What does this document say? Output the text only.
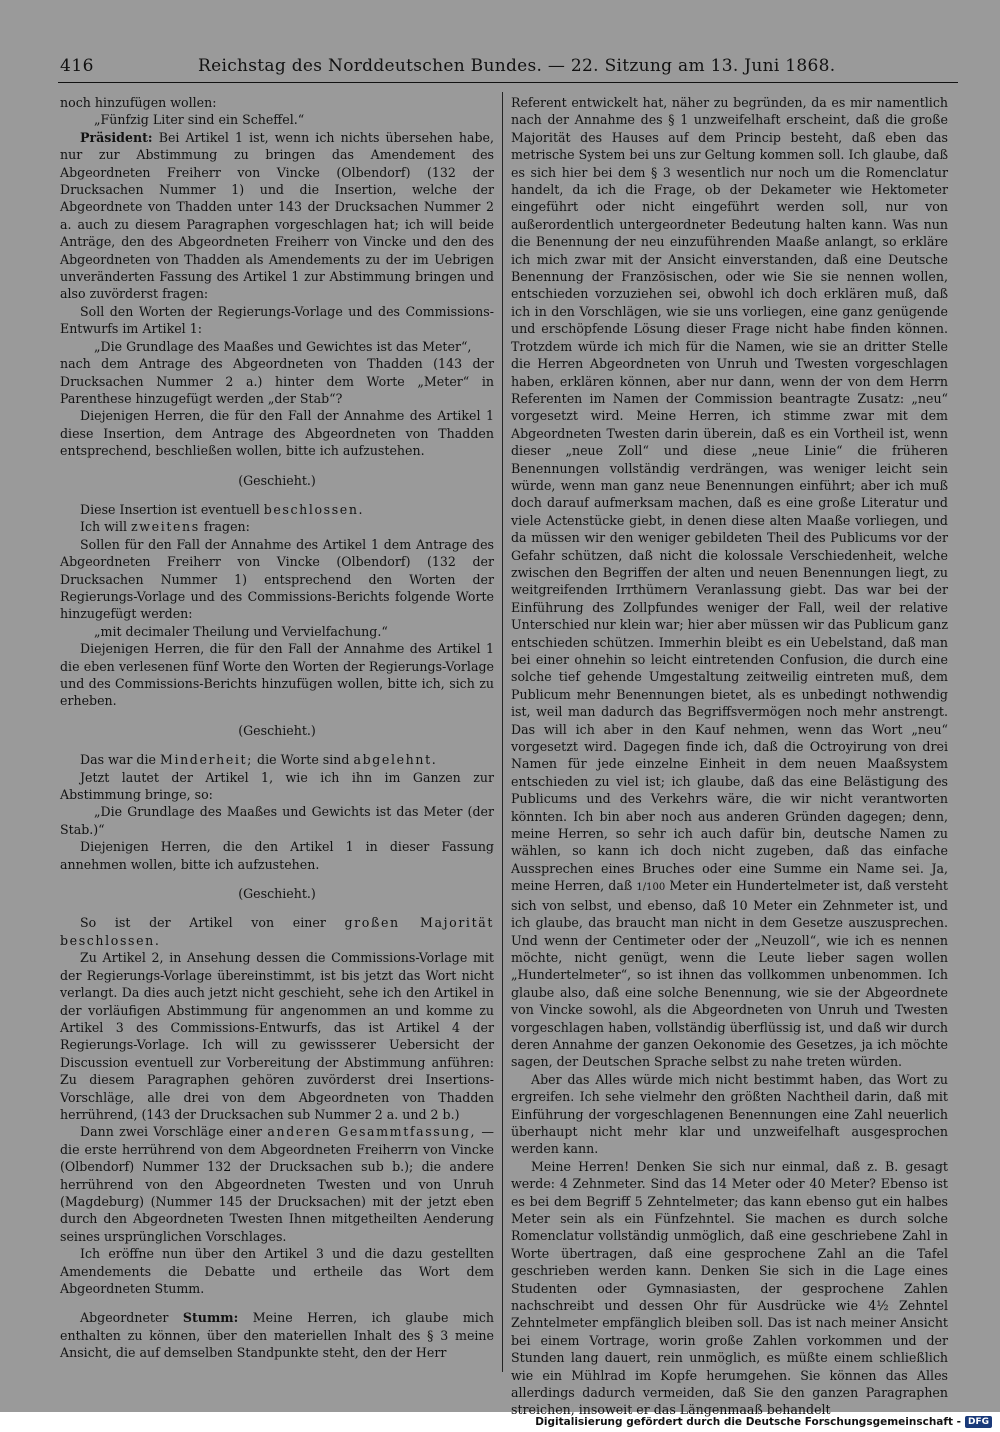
416	Reichstag des Norddeutschen Bundes. — 22. Sitzung am 13. Juni 1868.

noch hinzufügen wollen:

„Fünfzig Liter sind ein Scheffel.“

Präsident: Bei Artikel 1 ist, wenn ich nichts übersehen habe, nur zur Abstimmung zu bringen das Amendement des Abgeordneten Freiherr von Vincke (Olbendorf) (132 der Drucksachen Nummer 1) und die Insertion, welche der Abgeordnete von Thadden unter 143 der Drucksachen Nummer 2 a. auch zu diesem Paragraphen vorgeschlagen hat; ich will beide Anträge, den des Abgeordneten Freiherr von Vincke und den des Abgeordneten von Thadden als Amendements zu der im Uebrigen unveränderten Fassung des Artikel 1 zur Abstimmung bringen und also zuvörderst fragen:

Soll den Worten der Regierungs-Vorlage und des Commissions-Entwurfs im Artikel 1:

„Die Grundlage des Maaßes und Gewichtes ist das Meter“,

nach dem Antrage des Abgeordneten von Thadden (143 der Drucksachen Nummer 2 a.) hinter dem Worte „Meter“ in Parenthese hinzugefügt werden „der Stab“?

Diejenigen Herren, die für den Fall der Annahme des Artikel 1 diese Insertion, dem Antrage des Abgeordneten von Thadden entsprechend, beschließen wollen, bitte ich aufzustehen.

(Geschieht.)

Diese Insertion ist eventuell beschlossen.

Ich will zweitens fragen:

Sollen für den Fall der Annahme des Artikel 1 dem Antrage des Abgeordneten Freiherr von Vincke (Olbendorf) (132 der Drucksachen Nummer 1) entsprechend den Worten der Regierungs-Vorlage und des Commissions-Berichts folgende Worte hinzugefügt werden:

„mit decimaler Theilung und Vervielfachung.“

Diejenigen Herren, die für den Fall der Annahme des Artikel 1 die eben verlesenen fünf Worte den Worten der Regierungs-Vorlage und des Commissions-Berichts hinzufügen wollen, bitte ich, sich zu erheben.

(Geschieht.)

Das war die Minderheit; die Worte sind abgelehnt.

Jetzt lautet der Artikel 1, wie ich ihn im Ganzen zur Abstimmung bringe, so:

„Die Grundlage des Maaßes und Gewichts ist das Meter (der Stab.)“

Diejenigen Herren, die den Artikel 1 in dieser Fassung annehmen wollen, bitte ich aufzustehen.

(Geschieht.)

So ist der Artikel von einer großen Majorität beschlossen.

Zu Artikel 2, in Ansehung dessen die Commissions-Vorlage mit der Regierungs-Vorlage übereinstimmt, ist bis jetzt das Wort nicht verlangt. Da dies auch jetzt nicht geschieht, sehe ich den Artikel in der vorläufigen Abstimmung für angenommen an und komme zu Artikel 3 des Commissions-Entwurfs, das ist Artikel 4 der Regierungs-Vorlage. Ich will zu gewissserer Uebersicht der Discussion eventuell zur Vorbereitung der Abstimmung anführen: Zu diesem Paragraphen gehören zuvörderst drei Insertions-Vorschläge, alle drei von dem Abgeordneten von Thadden herrührend, (143 der Drucksachen sub Nummer 2 a. und 2 b.)

Dann zwei Vorschläge einer anderen Gesammtfassung, — die erste herrührend von dem Abgeordneten Freiherrn von Vincke (Olbendorf) Nummer 132 der Drucksachen sub b.); die andere herrührend von den Abgeordneten Twesten und von Unruh (Magdeburg) (Nummer 145 der Drucksachen) mit der jetzt eben durch den Abgeordneten Twesten Ihnen mitgetheilten Aenderung seines ursprünglichen Vorschlages.

Ich eröffne nun über den Artikel 3 und die dazu gestellten Amendements die Debatte und ertheile das Wort dem Abgeordneten Stumm.

Abgeordneter Stumm: Meine Herren, ich glaube mich enthalten zu können, über den materiellen Inhalt des § 3 meine Ansicht, die auf demselben Standpunkte steht, den der Herr

Referent entwickelt hat, näher zu begründen, da es mir namentlich nach der Annahme des § 1 unzweifelhaft erscheint, daß die große Majorität des Hauses auf dem Princip besteht, daß eben das metrische System bei uns zur Geltung kommen soll. Ich glaube, daß es sich hier bei dem § 3 wesentlich nur noch um die Romenclatur handelt, da ich die Frage, ob der Dekameter wie Hektometer eingeführt oder nicht eingeführt werden soll, nur von außerordentlich untergeordneter Bedeutung halten kann. Was nun die Benennung der neu einzuführenden Maaße anlangt, so erkläre ich mich zwar mit der Ansicht einverstanden, daß eine Deutsche Benennung der Französischen, oder wie Sie sie nennen wollen, entschieden vorzuziehen sei, obwohl ich doch erklären muß, daß ich in den Vorschlägen, wie sie uns vorliegen, eine ganz genügende und erschöpfende Lösung dieser Frage nicht habe finden können. Trotzdem würde ich mich für die Namen, wie sie an dritter Stelle die Herren Abgeordneten von Unruh und Twesten vorgeschlagen haben, erklären können, aber nur dann, wenn der von dem Herrn Referenten im Namen der Commission beantragte Zusatz: „neu“ vorgesetzt wird. Meine Herren, ich stimme zwar mit dem Abgeordneten Twesten darin überein, daß es ein Vortheil ist, wenn dieser „neue Zoll“ und diese „neue Linie“ die früheren Benennungen vollständig verdrängen, was weniger leicht sein würde, wenn man ganz neue Benennungen einführt; aber ich muß doch darauf aufmerksam machen, daß es eine große Literatur und viele Actenstücke giebt, in denen diese alten Maaße vorliegen, und da müssen wir den weniger gebildeten Theil des Publicums vor der Gefahr schützen, daß nicht die kolossale Verschiedenheit, welche zwischen den Begriffen der alten und neuen Benennungen liegt, zu weitgreifenden Irrthümern Veranlassung giebt. Das war bei der Einführung des Zollpfundes weniger der Fall, weil der relative Unterschied nur klein war; hier aber müssen wir das Publicum ganz entschieden schützen. Immerhin bleibt es ein Uebelstand, daß man bei einer ohnehin so leicht eintretenden Confusion, die durch eine solche tief gehende Umgestaltung zeitweilig eintreten muß, dem Publicum mehr Benennungen bietet, als es unbedingt nothwendig ist, weil man dadurch das Begriffsvermögen noch mehr anstrengt. Das will ich aber in den Kauf nehmen, wenn das Wort „neu“ vorgesetzt wird. Dagegen finde ich, daß die Octroyirung von drei Namen für jede einzelne Einheit in dem neuen Maaßsystem entschieden zu viel ist; ich glaube, daß das eine Belästigung des Publicums und des Verkehrs wäre, die wir nicht verantworten könnten. Ich bin aber noch aus anderen Gründen dagegen; denn, meine Herren, so sehr ich auch dafür bin, deutsche Namen zu wählen, so kann ich doch nicht zugeben, daß das einfache Aussprechen eines Bruches oder eine Summe ein Name sei. Ja, meine Herren, daß 1/100 Meter ein Hundertelmeter ist, daß versteht sich von selbst, und ebenso, daß 10 Meter ein Zehnmeter ist, und ich glaube, das braucht man nicht in dem Gesetze auszusprechen. Und wenn der Centimeter oder der „Neuzoll“, wie ich es nennen möchte, nicht genügt, wenn die Leute lieber sagen wollen „Hundertelmeter“, so ist ihnen das vollkommen unbenommen. Ich glaube also, daß eine solche Benennung, wie sie der Abgeordnete von Vincke sowohl, als die Abgeordneten von Unruh und Twesten vorgeschlagen haben, vollständig überflüssig ist, und daß wir durch deren Annahme der ganzen Oekonomie des Gesetzes, ja ich möchte sagen, der Deutschen Sprache selbst zu nahe treten würden.

Aber das Alles würde mich nicht bestimmt haben, das Wort zu ergreifen. Ich sehe vielmehr den größten Nachtheil darin, daß mit Einführung der vorgeschlagenen Benennungen eine Zahl neuerlich überhaupt nicht mehr klar und unzweifelhaft ausgesprochen werden kann.

Meine Herren! Denken Sie sich nur einmal, daß z. B. gesagt werde: 4 Zehnmeter. Sind das 14 Meter oder 40 Meter? Ebenso ist es bei dem Begriff 5 Zehntelmeter; das kann ebenso gut ein halbes Meter sein als ein Fünfzehntel. Sie machen es durch solche Romenclatur vollständig unmöglich, daß eine geschriebene Zahl in Worte übertragen, daß eine gesprochene Zahl an die Tafel geschrieben werden kann. Denken Sie sich in die Lage eines Studenten oder Gymnasiasten, der gesprochene Zahlen nachschreibt und dessen Ohr für Ausdrücke wie 4½ Zehntel Zehntelmeter empfänglich bleiben soll. Das ist nach meiner Ansicht bei einem Vortrage, worin große Zahlen vorkommen und der Stunden lang dauert, rein unmöglich, es müßte einem schließlich wie ein Mühlrad im Kopfe herumgehen. Sie können das Alles allerdings dadurch vermeiden, daß Sie den ganzen Paragraphen streichen, insoweit er das Längenmaaß behandelt

Digitalisierung gefördert durch die Deutsche Forschungsgemeinschaft - DFG
